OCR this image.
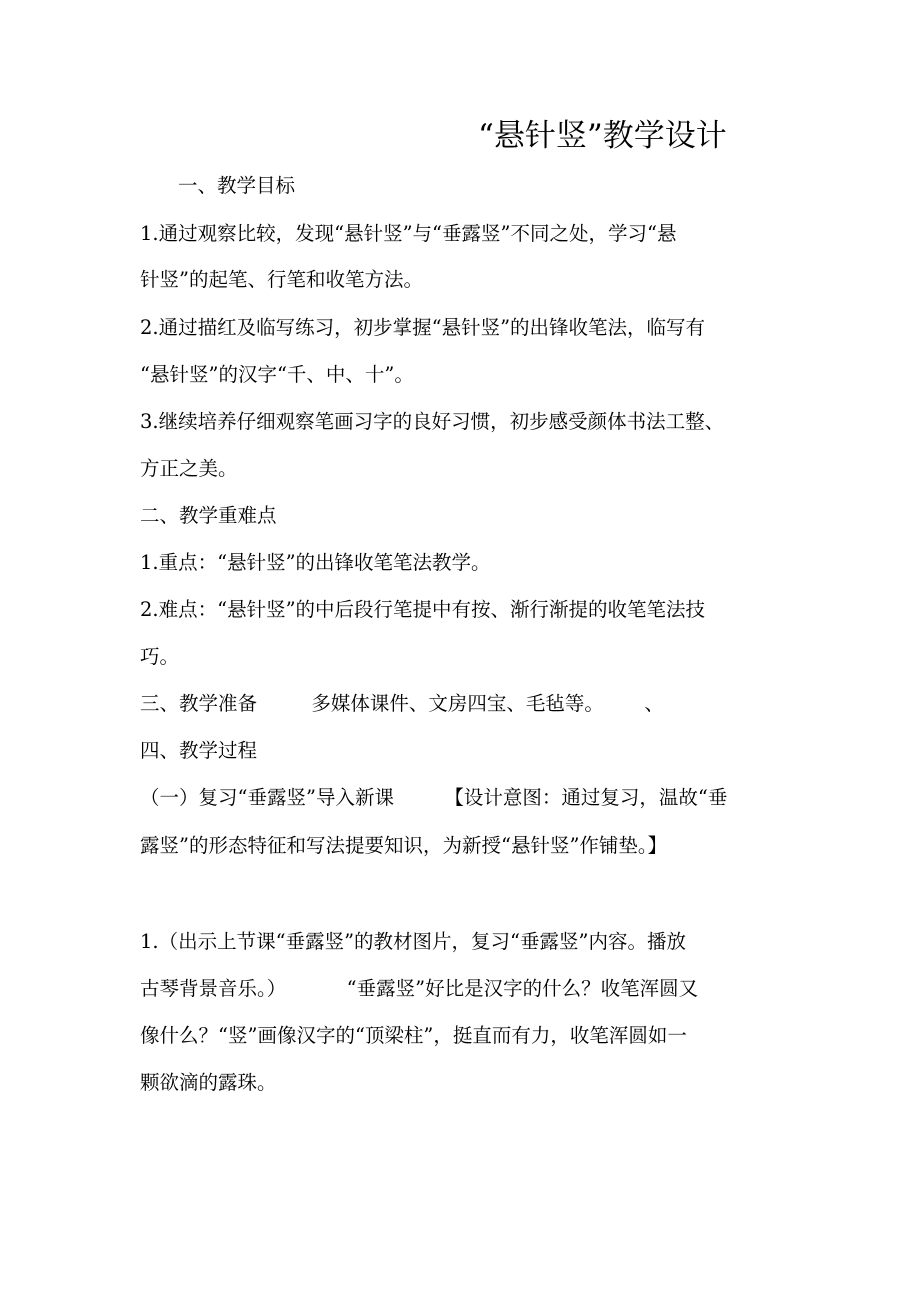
“悬针竖”教学设计
一、教学目标
1.通过观察比较，发现“悬针竖”与“垂露竖”不同之处，学习“悬
针竖”的起笔、行笔和收笔方法。
2.通过描红及临写练习，初步掌握“悬针竖”的出锋收笔法，临写有
“悬针竖”的汉字“千、中、十”。
3.继续培养仔细观察笔画习字的良好习惯，初步感受颜体书法工整、
方正之美。
二、教学重难点
1.重点：“悬针竖”的出锋收笔笔法教学。
2.难点：“悬针竖”的中后段行笔提中有按、渐行渐提的收笔笔法技
巧。
三、教学准备	多媒体课件、文房四宝、毛毡等。 、
四、教学过程
（一）复习“垂露竖”导入新课	【设计意图：通过复习，温故“垂
露竖”的形态特征和写法提要知识，为新授“悬针竖”作铺垫。】
1.（出示上节课“垂露竖”的教材图片，复习“垂露竖”内容。播放
古琴背景音乐。）	“垂露竖”好比是汉字的什么？收笔浑圆又
像什么？“竖”画像汉字的“顶梁柱”，挺直而有力，收笔浑圆如一
颗欲滴的露珠。
